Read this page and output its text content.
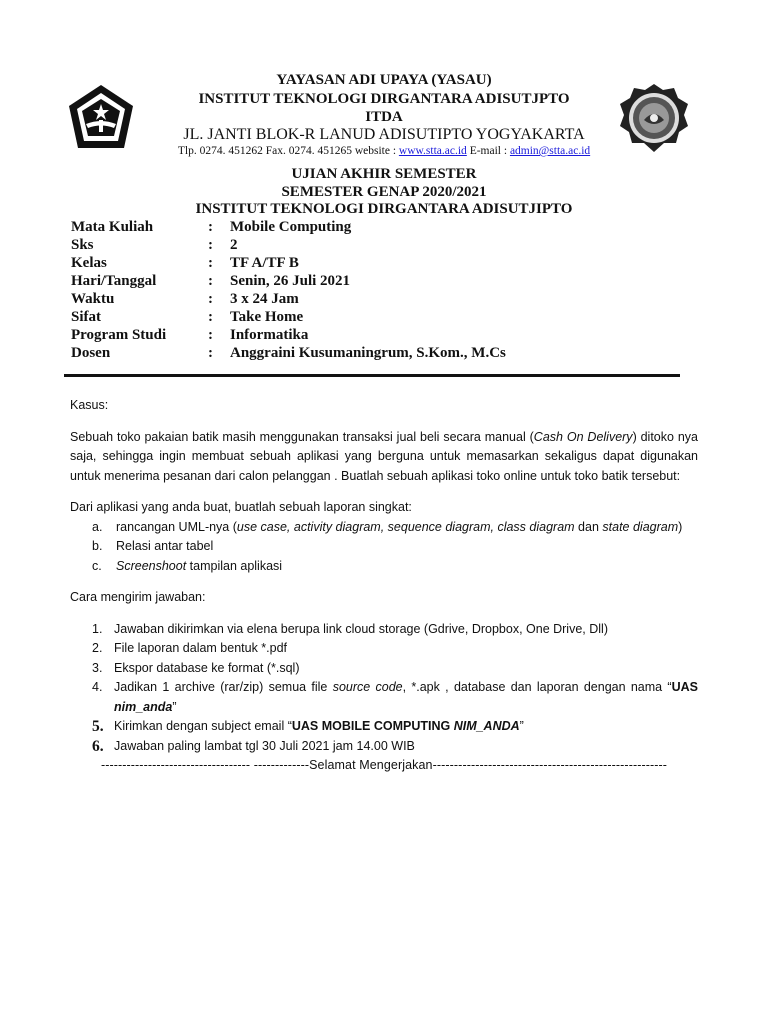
YAYASAN ADI UPAYA (YASAU)
INSTITUT TEKNOLOGI DIRGANTARA ADISUTJPTO
ITDA
JL. JANTI BLOK-R LANUD ADISUTIPTO YOGYAKARTA
Tlp. 0274. 451262 Fax. 0274. 451265 website : www.stta.ac.id E-mail : admin@stta.ac.id
UJIAN AKHIR SEMESTER
SEMESTER GENAP 2020/2021
INSTITUT TEKNOLOGI DIRGANTARA ADISUTJIPTO
Mata Kuliah	:	Mobile Computing
Sks	:	2
Kelas	:	TF A/TF B
Hari/Tanggal	:	Senin, 26 Juli 2021
Waktu	:	3 x 24 Jam
Sifat	:	Take Home
Program Studi	:	Informatika
Dosen	:	Anggraini Kusumaningrum, S.Kom., M.Cs

Kasus:

Sebuah toko pakaian batik masih menggunakan transaksi jual beli secara manual (Cash On Delivery) ditoko nya saja, sehingga ingin membuat sebuah aplikasi yang berguna untuk memasarkan sekaligus dapat digunakan untuk menerima pesanan dari calon pelanggan . Buatlah sebuah aplikasi toko online untuk toko batik tersebut:

Dari aplikasi yang anda buat, buatlah sebuah laporan singkat:

a.	rancangan UML-nya (use case, activity diagram, sequence diagram, class diagram dan state diagram)
b.	Relasi antar tabel
c.	Screenshoot tampilan aplikasi

Cara mengirim jawaban:

1. Jawaban dikirimkan via elena berupa link cloud storage (Gdrive, Dropbox, One Drive, Dll)
2. File laporan dalam bentuk *.pdf
3. Ekspor database ke format (*.sql)
4. Jadikan 1 archive (rar/zip) semua file source code, *.apk , database dan laporan dengan nama “UAS nim_anda”
5. Kirimkan dengan subject email “UAS MOBILE COMPUTING NIM_ANDA”
6. Jawaban paling lambat tgl 30 Juli 2021 jam 14.00 WIB

----------------------------------- -------------Selamat Mengerjakan-------------------------------------------------------
